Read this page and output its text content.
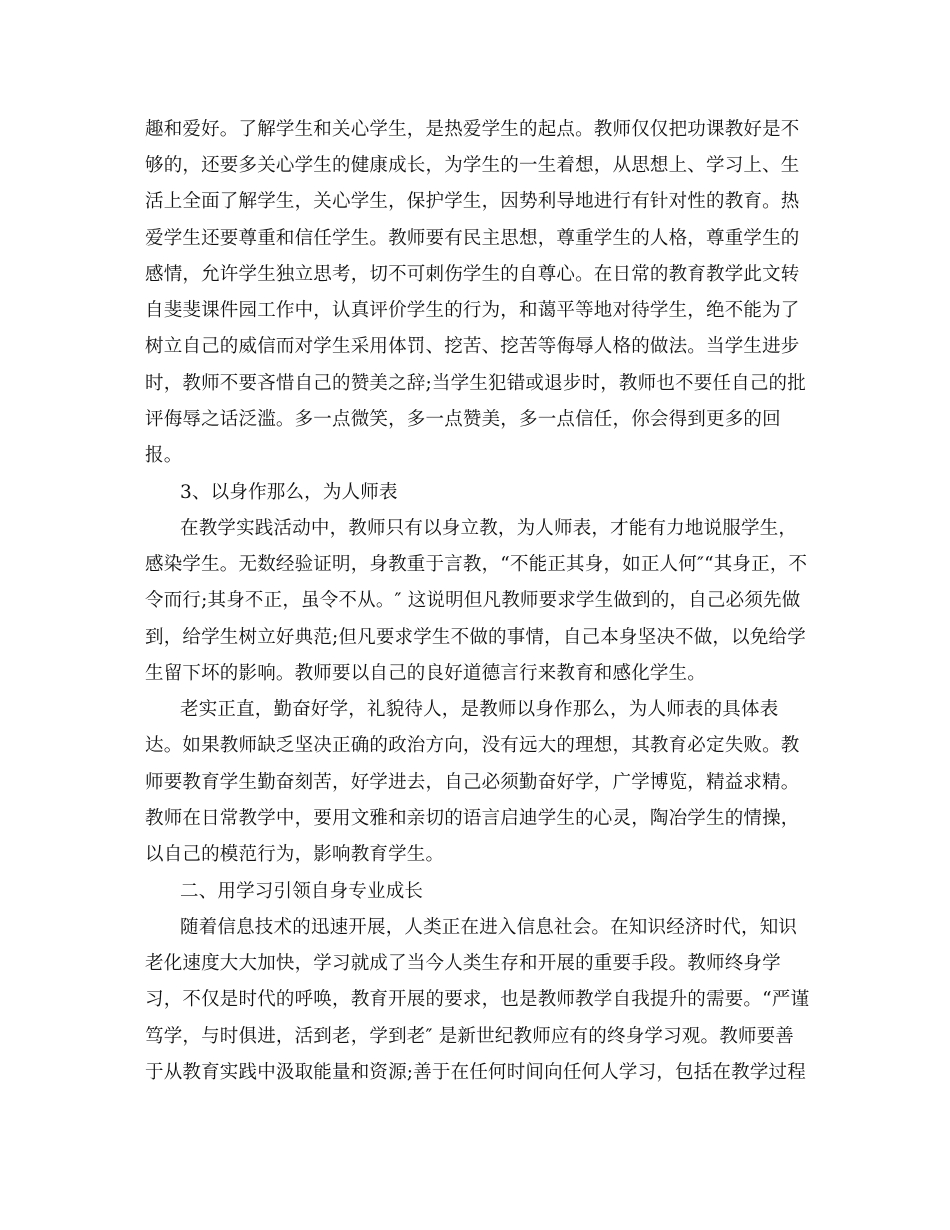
趣和爱好。了解学生和关心学生，是热爱学生的起点。教师仅仅把功课教好是不
够的，还要多关心学生的健康成长，为学生的一生着想，从思想上、学习上、生
活上全面了解学生，关心学生，保护学生，因势利导地进行有针对性的教育。热
爱学生还要尊重和信任学生。教师要有民主思想，尊重学生的人格，尊重学生的
感情，允许学生独立思考，切不可刺伤学生的自尊心。在日常的教育教学此文转
自斐斐课件园工作中，认真评价学生的行为，和蔼平等地对待学生，绝不能为了
树立自己的威信而对学生采用体罚、挖苦、挖苦等侮辱人格的做法。当学生进步
时，教师不要吝惜自己的赞美之辞;当学生犯错或退步时，教师也不要任自己的批
评侮辱之话泛滥。多一点微笑，多一点赞美，多一点信任，你会得到更多的回
报。
3、以身作那么，为人师表
在教学实践活动中，教师只有以身立教，为人师表，才能有力地说服学生，
感染学生。无数经验证明，身教重于言教，“不能正其身，如正人何″“其身正，不
令而行;其身不正，虽令不从。″ 这说明但凡教师要求学生做到的，自己必须先做
到，给学生树立好典范;但凡要求学生不做的事情，自己本身坚决不做，以免给学
生留下坏的影响。教师要以自己的良好道德言行来教育和感化学生。
老实正直，勤奋好学，礼貌待人，是教师以身作那么，为人师表的具体表
达。如果教师缺乏坚决正确的政治方向，没有远大的理想，其教育必定失败。教
师要教育学生勤奋刻苦，好学进去，自己必须勤奋好学，广学博览，精益求精。
教师在日常教学中，要用文雅和亲切的语言启迪学生的心灵，陶冶学生的情操，
以自己的模范行为，影响教育学生。
二、用学习引领自身专业成长
随着信息技术的迅速开展，人类正在进入信息社会。在知识经济时代，知识
老化速度大大加快，学习就成了当今人类生存和开展的重要手段。教师终身学
习，不仅是时代的呼唤，教育开展的要求，也是教师教学自我提升的需要。“严谨
笃学，与时俱进，活到老，学到老″ 是新世纪教师应有的终身学习观。教师要善
于从教育实践中汲取能量和资源;善于在任何时间向任何人学习，包括在教学过程
